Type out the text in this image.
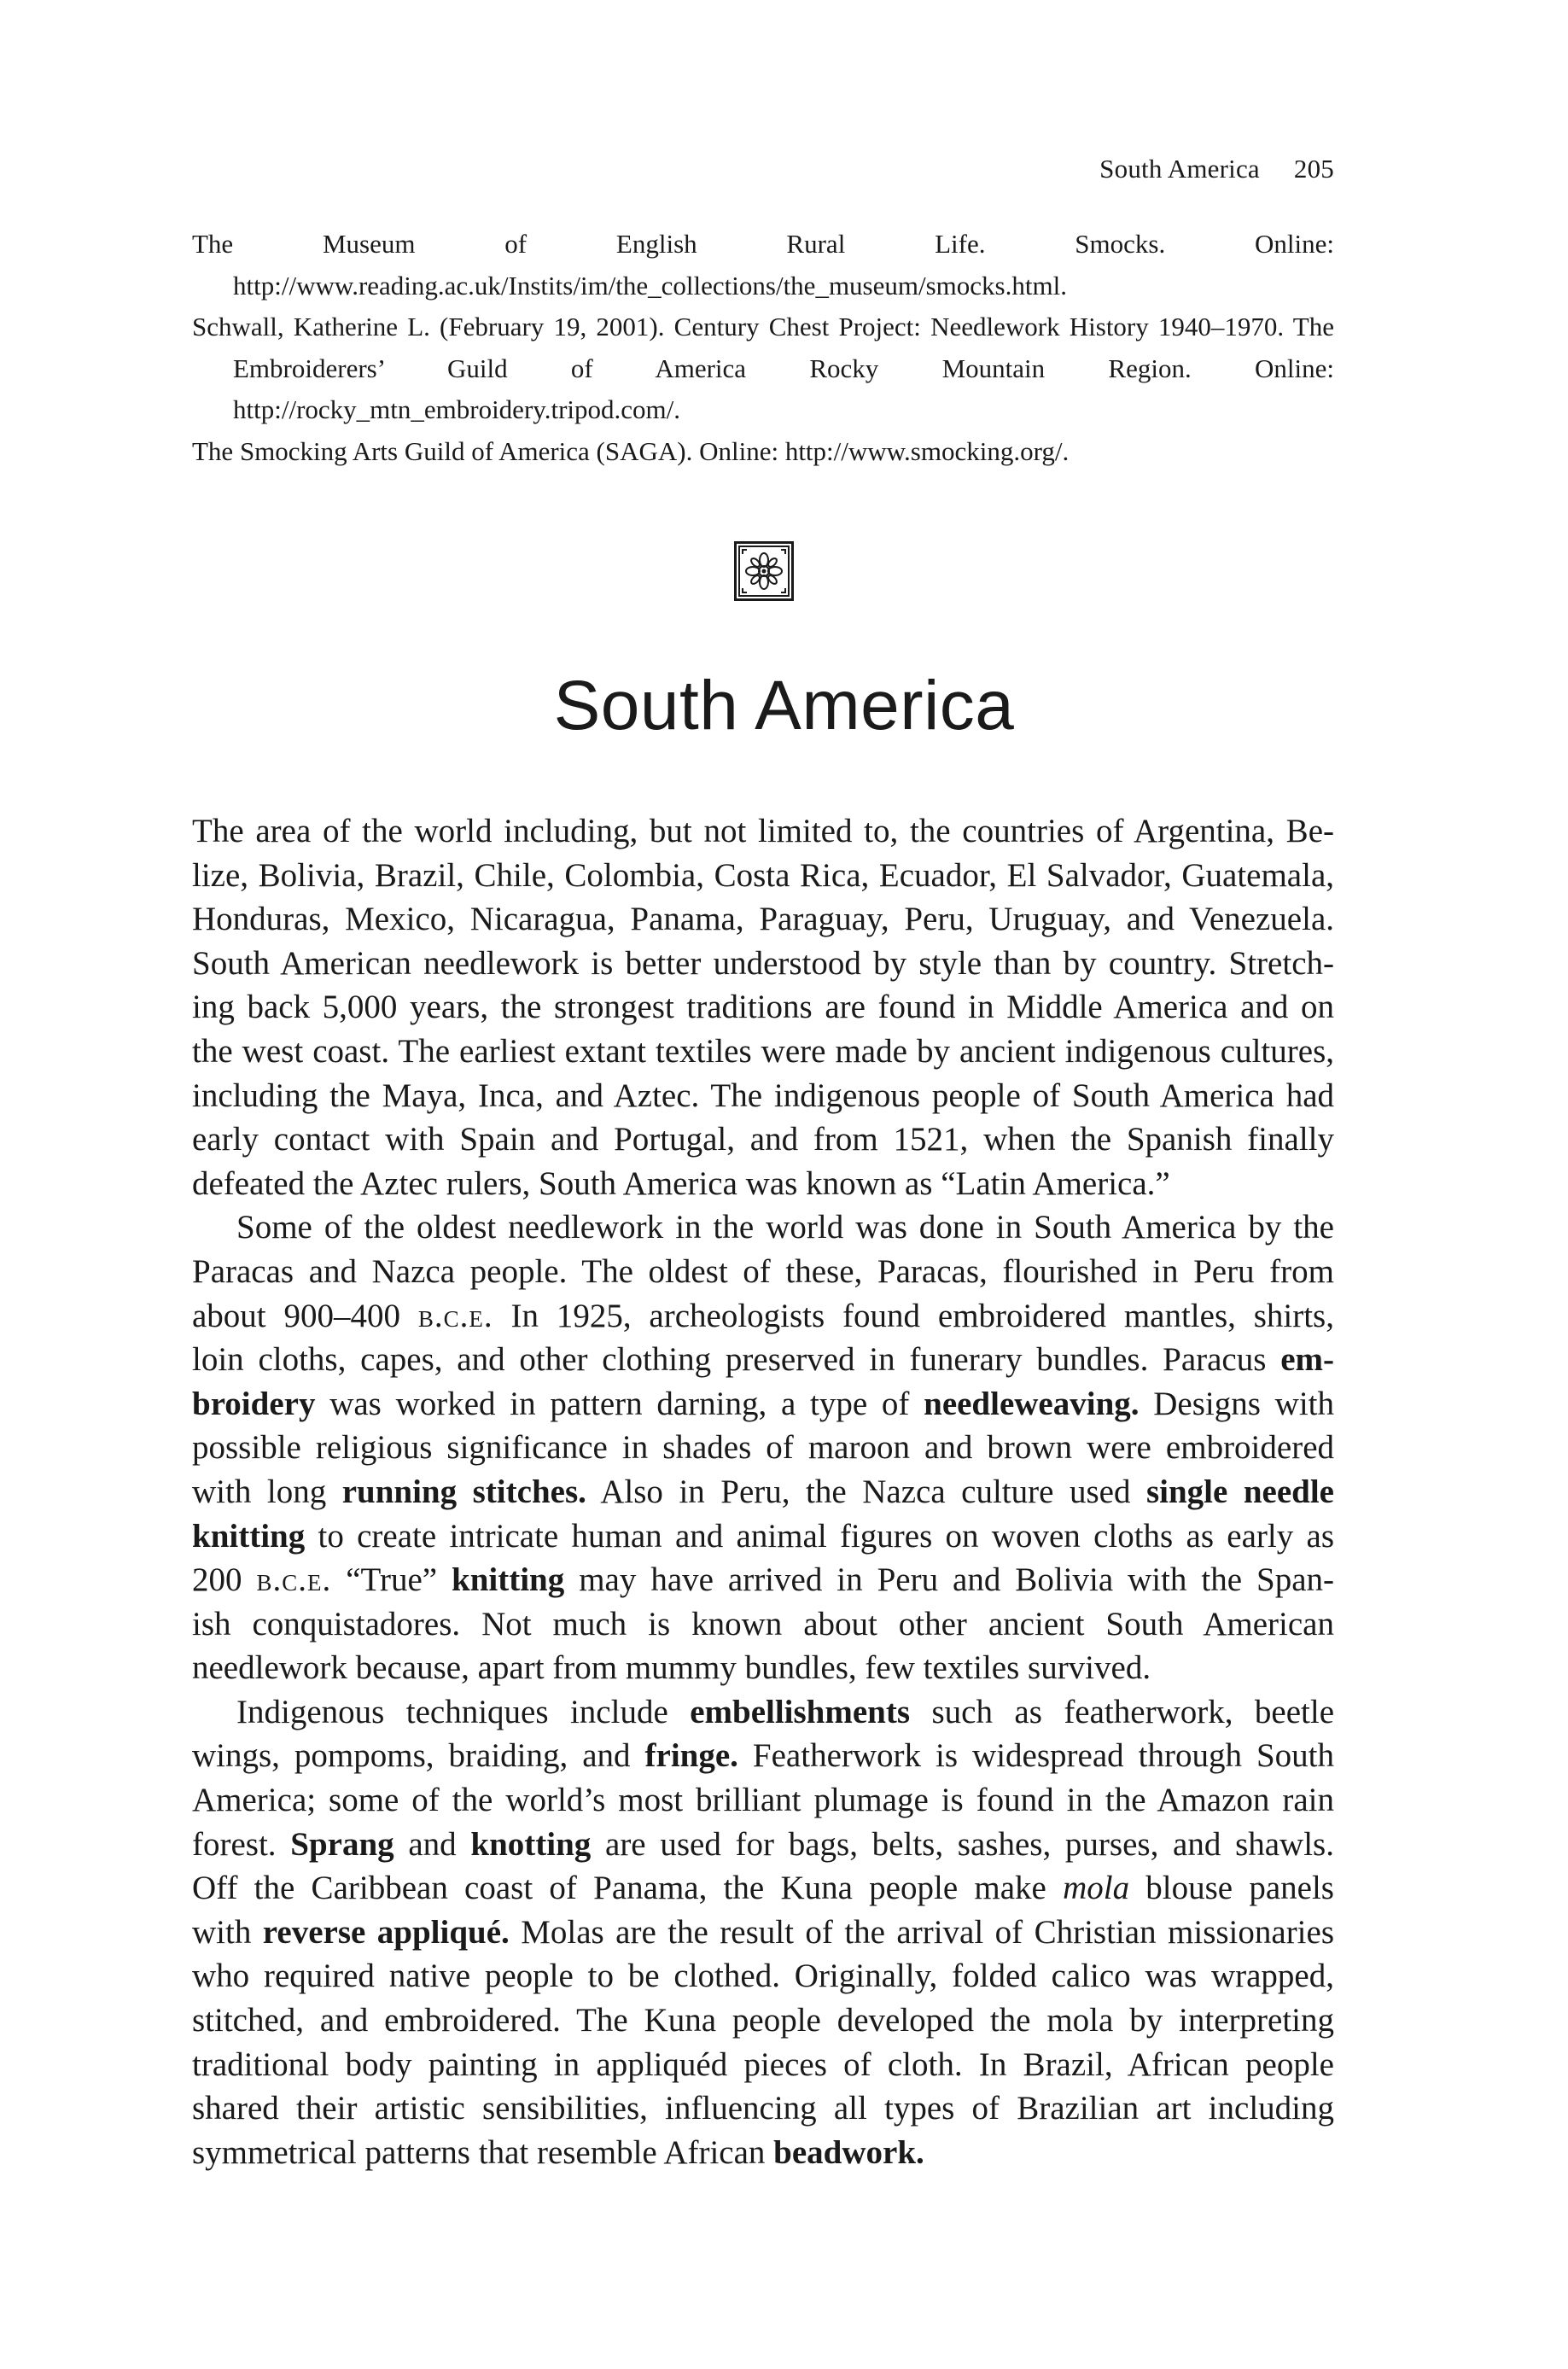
South America 205

The Museum of English Rural Life. Smocks. Online: http://www.reading.ac.uk/Instits/im/the_collections/the_museum/smocks.html.

Schwall, Katherine L. (February 19, 2001). Century Chest Project: Needlework History 1940–1970. The Embroiderers’ Guild of America Rocky Mountain Region. Online: http://rocky_mtn_embroidery.tripod.com/.

The Smocking Arts Guild of America (SAGA). Online: http://www.smocking.org/.

South America

The area of the world including, but not limited to, the countries of Argentina, Be-

lize, Bolivia, Brazil, Chile, Colombia, Costa Rica, Ecuador, El Salvador, Guatemala,

Honduras, Mexico, Nicaragua, Panama, Paraguay, Peru, Uruguay, and Venezuela.

South American needlework is better understood by style than by country. Stretch-

ing back 5,000 years, the strongest traditions are found in Middle America and on

the west coast. The earliest extant textiles were made by ancient indigenous cultures,

including the Maya, Inca, and Aztec. The indigenous people of South America had

early contact with Spain and Portugal, and from 1521, when the Spanish finally

defeated the Aztec rulers, South America was known as “Latin America.”

Some of the oldest needlework in the world was done in South America by the

Paracas and Nazca people. The oldest of these, Paracas, flourished in Peru from

about 900–400 b.c.e. In 1925, archeologists found embroidered mantles, shirts,

loin cloths, capes, and other clothing preserved in funerary bundles. Paracus em-

broidery was worked in pattern darning, a type of needleweaving. Designs with

possible religious significance in shades of maroon and brown were embroidered

with long running stitches. Also in Peru, the Nazca culture used single needle

knitting to create intricate human and animal figures on woven cloths as early as

200 b.c.e. “True” knitting may have arrived in Peru and Bolivia with the Span-

ish conquistadores. Not much is known about other ancient South American

needlework because, apart from mummy bundles, few textiles survived.

Indigenous techniques include embellishments such as featherwork, beetle

wings, pompoms, braiding, and fringe. Featherwork is widespread through South

America; some of the world’s most brilliant plumage is found in the Amazon rain

forest. Sprang and knotting are used for bags, belts, sashes, purses, and shawls.

Off the Caribbean coast of Panama, the Kuna people make mola blouse panels

with reverse appliqué. Molas are the result of the arrival of Christian missionaries

who required native people to be clothed. Originally, folded calico was wrapped,

stitched, and embroidered. The Kuna people developed the mola by interpreting

traditional body painting in appliquéd pieces of cloth. In Brazil, African people

shared their artistic sensibilities, influencing all types of Brazilian art including

symmetrical patterns that resemble African beadwork.
